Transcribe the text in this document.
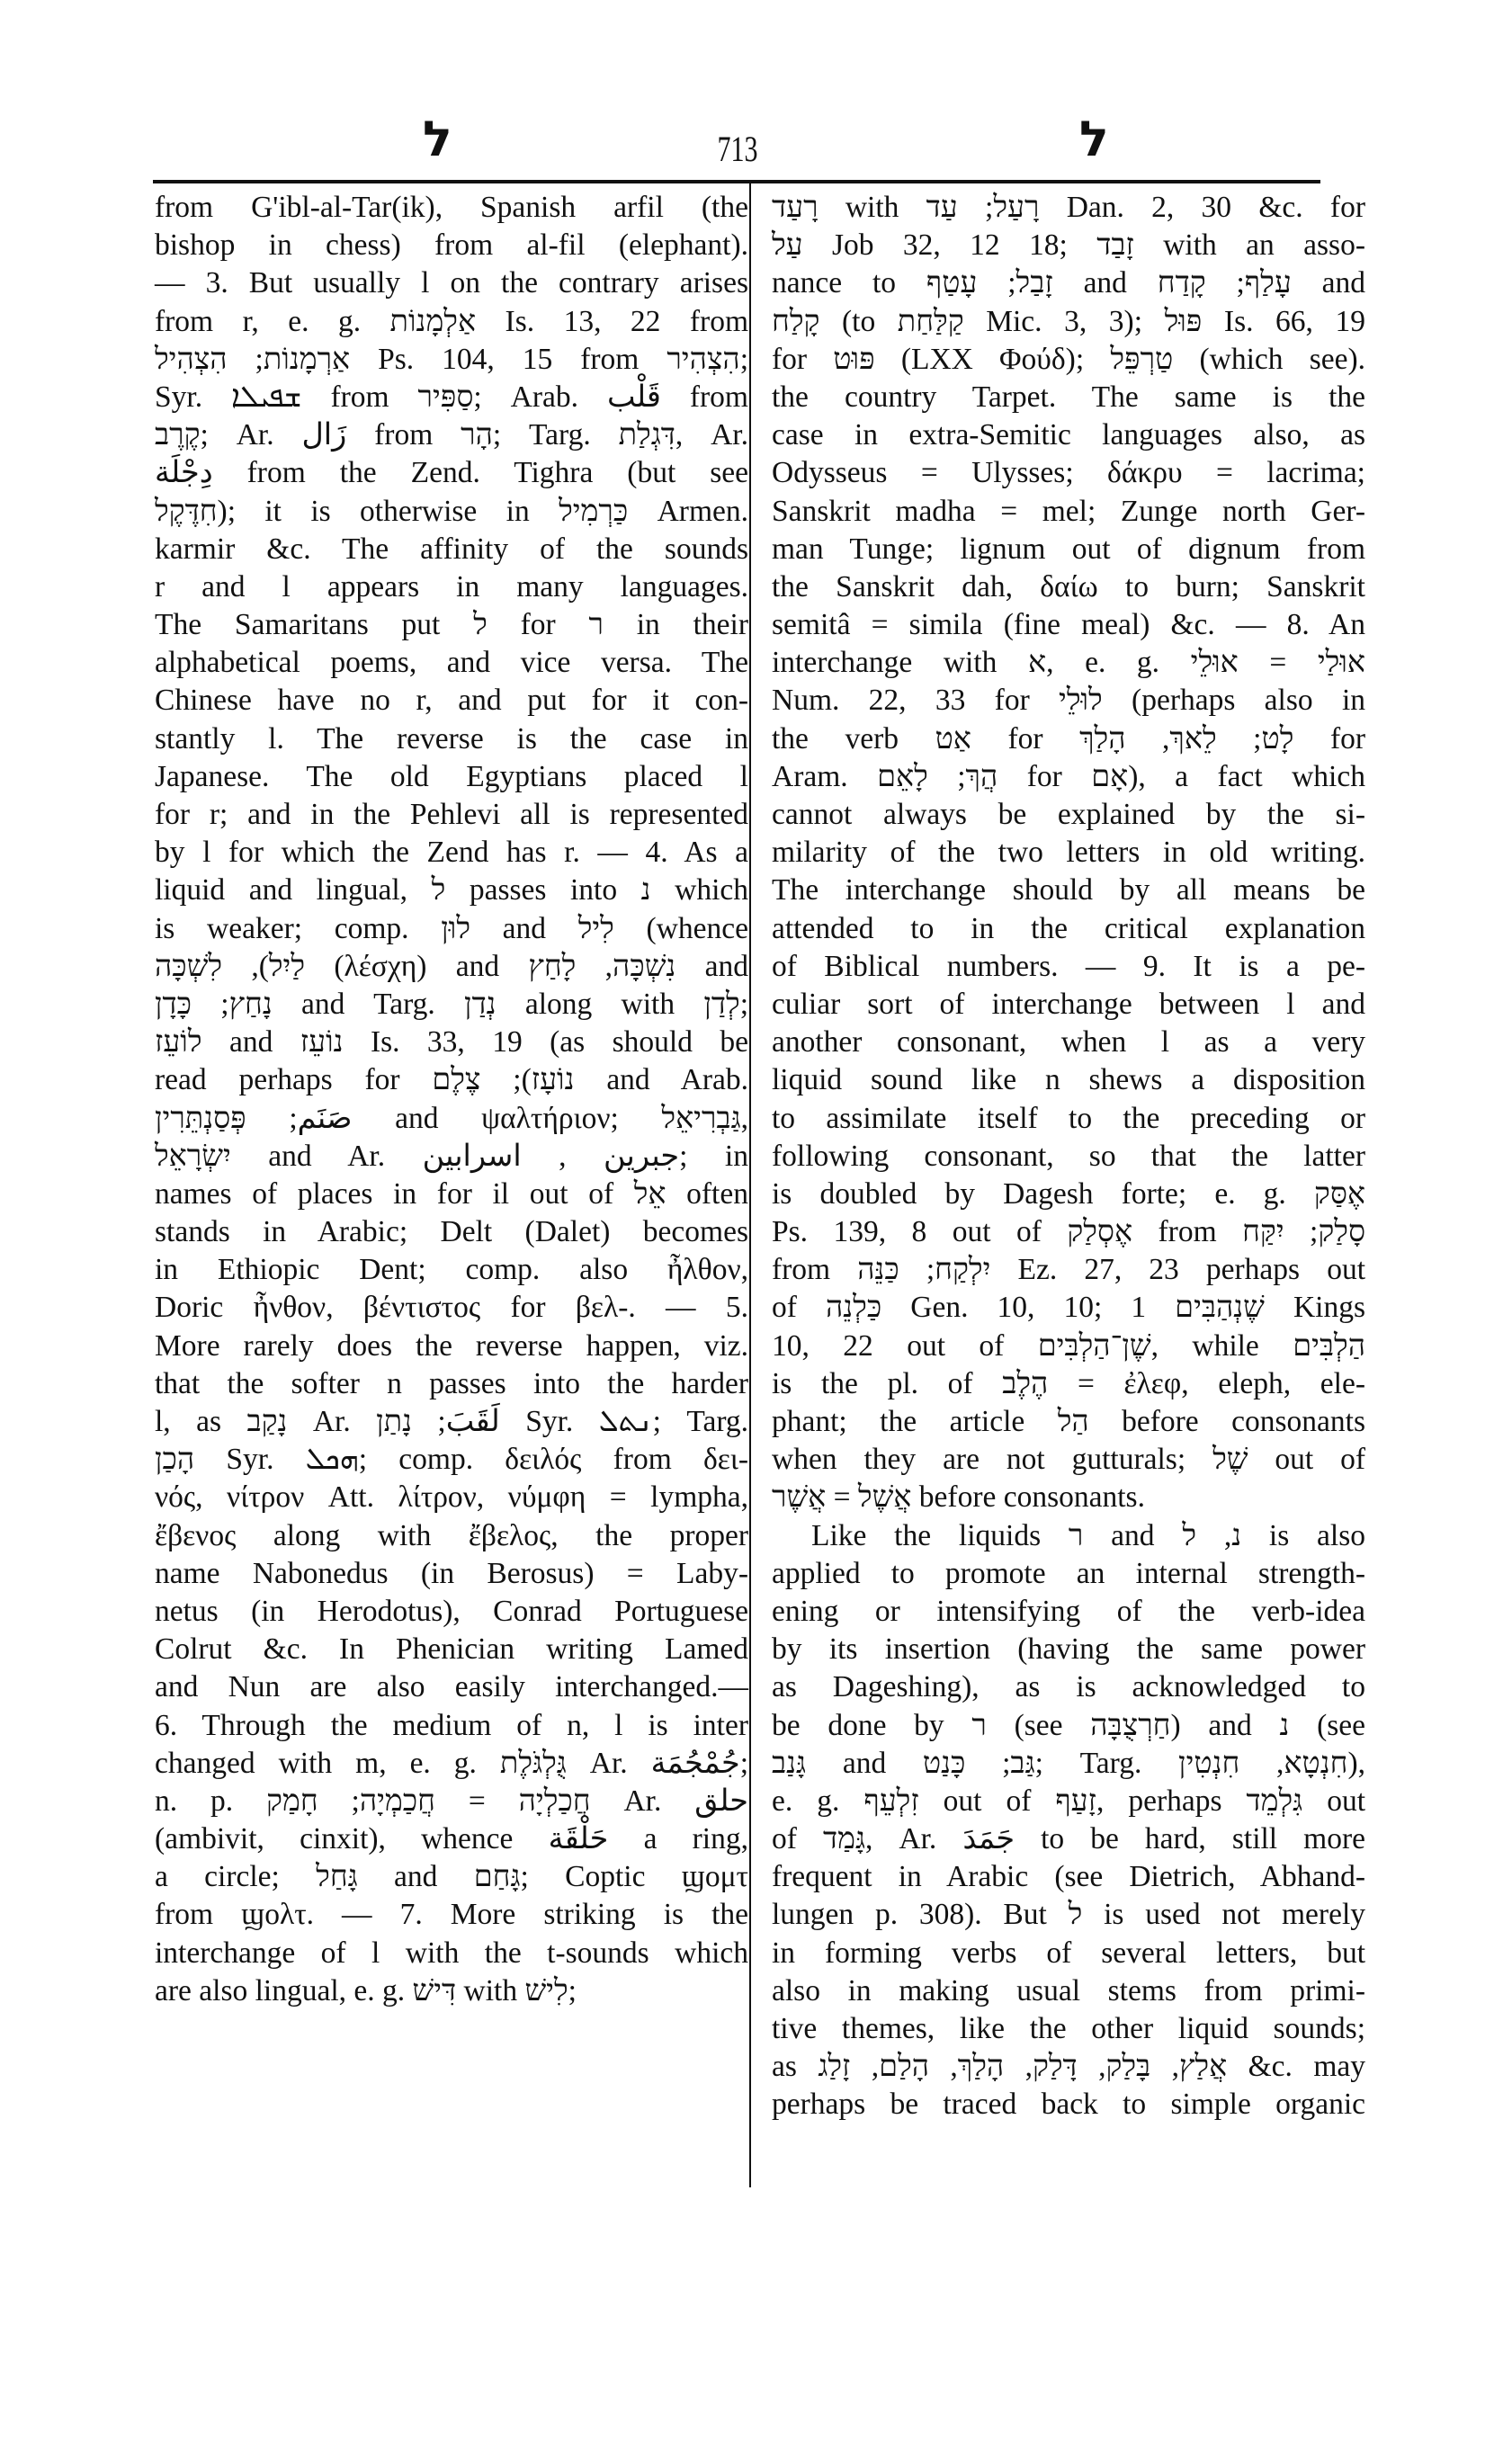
ל	713	ל
from G'ibl-al-Tar(ik), Spanish arfil (the
bishop in chess) from al-fil (elephant).
— 3. But usually l on the contrary arises
from r, e. g. אַלְמָנוֹת Is. 13, 22 from
אַרְמָנוֹת; הִצְהִיל Ps. 104, 15 from הִצְהִיר;
Syr. ܫܦܝܠܐ from סַפִּיר; Arab. قَلْب from
קֶרֶב; Ar. زَال from הָר; Targ. דִּגְלַת, Ar.
دِجْلَة from the Zend. Tighra (but see
חִדֶּקֶל); it is otherwise in כַּרְמִיל Armen.
karmir &c. The affinity of the sounds
r and l appears in many languages.
The Samaritans put ל for ר in their
alphabetical poems, and vice versa. The
Chinese have no r, and put for it con-
stantly l. The reverse is the case in
Japanese. The old Egyptians placed l
for r; and in the Pehlevi all is represented
by l for which the Zend has r. — 4. As a
liquid and lingual, ל passes into נ which
is weaker; comp. לוּן and לִיל (whence
לַיִל), לִשְׁכָּה (λέσχη) and נִשְׁכָּה, לָחַץ and
נָחַץ; כָּדָן and Targ. נְדַן along with לְדַן;
לוֹעֵז and נוֹעֵז Is. 33, 19 (as should be
read perhaps for נוֹעָז); צֶלֶם and Arab.
صَنَم; פְּסַנְתֵּרִין and ψαλτήριον; גַּבְרִיאֵל,
יִשְׂרָאֵל and Ar. جبرين , اسرابين; in
names of places in for il out of אֵל often
stands in Arabic; Delt (Dalet) becomes
in Ethiopic Dent; comp. also ἦλθον,
Doric ἦνθον, βέντιστος for βελ-. — 5.
More rarely does the reverse happen, viz.
that the softer n passes into the harder
l, as נָקַב Ar. لَقَبَ; נָתַן Syr. ܢܬܠ; Targ.
הָכַן Syr. ܗܟܠ; comp. δειλός from δει-
νός, νίτρον Att. λίτρον, νύμφη = lympha,
ἔβενος along with ἔβελος, the proper
name Nabonedus (in Berosus) = Laby-
netus (in Herodotus), Conrad Portuguese
Colrut &c. In Phenician writing Lamed
and Nun are also easily interchanged.—
6. Through the medium of n, l is inter
changed with m, e. g. גֻּלְגֹּלֶת Ar. جُمْجُمَة;
n. p. חֲכַלְיָה = חֲכַמְיָה; חָמַק Ar. حلق
(ambivit, cinxit), whence حَلْقَة a ring,
a circle; גָּחַל and גָּחַם; Coptic ϣομτ
from ϣολτ. — 7. More striking is the
interchange of l with the t-sounds which
are also lingual, e. g. דִּישׁ with לִישׁ;
רָעַד with רָעַל; עַד Dan. 2, 30 &c. for
עַל Job 32, 12 18; זָבַד with an asso-
nance to זָבַל; עָטַף and עָלַף; קָדַח and
קָלַח (to קַלַּחַת Mic. 3, 3); פּוּל Is. 66, 19
for פּוּט (LXX Φούδ); טַרְפֵּל (which see).
the country Tarpet. The same is the
case in extra-Semitic languages also, as
Odysseus = Ulysses; δάκρυ = lacrima;
Sanskrit madha = mel; Zunge north Ger-
man Tunge; lignum out of dignum from
the Sanskrit dah, δαίω to burn; Sanskrit
semitâ = simila (fine meal) &c. — 8. An
interchange with א, e. g. אוּלַי = אוּלֵי
Num. 22, 33 for לוּלֵי (perhaps also in
the verb אַט for לָט; לֵאךְ, הָלַךְ for
Aram. הֲךְ; לָאֵם for אָם), a fact which
cannot always be explained by the si-
milarity of the two letters in old writing.
The interchange should by all means be
attended to in the critical explanation
of Biblical numbers. — 9. It is a pe-
culiar sort of interchange between l and
another consonant, when l as a very
liquid sound like n shews a disposition
to assimilate itself to the preceding or
following consonant, so that the latter
is doubled by Dagesh forte; e. g. אֶסַּק
Ps. 139, 8 out of אֶסְלַק from סָלַק; יִקַּח
from יִלְקַח; כַּנֵּה Ez. 27, 23 perhaps out
of כַּלְנֵה Gen. 10, 10; שֶׁנְהַבִּים 1 Kings
10, 22 out of שֶׁן־הַלְבִּים, while הַלְבִּים
is the pl. of הֶלֶב = ἐλεφ, eleph, ele-
phant; the article הַל before consonants
when they are not gutturals; שֶׁל out of
אֲשֶׁל = אֲשֶׁר before consonants.
Like the liquids ר and נ, ל is also
applied to promote an internal strength-
ening or intensifying of the verb-idea
by its insertion (having the same power
as Dageshing), as is acknowledged to
be done by ר (see חַרְצֻבָּה) and נ (see
גָּנַב and גַּב; כָּנַט; Targ. חִנְטָא, חִנְטִין),
e. g. זִלְעֵף out of זָעַף, perhaps גִּלְמֵד out
of גָּמַד, Ar. جَمَدَ to be hard, still more
frequent in Arabic (see Dietrich, Abhand-
lungen p. 308). But ל is used not merely
in forming verbs of several letters, but
also in making usual stems from primi-
tive themes, like the other liquid sounds;
as אֲלַץ, בָּלַק, דָּלַק, הָלַךְ, הָלַם, זָלַג &c. may
perhaps be traced back to simple organic
